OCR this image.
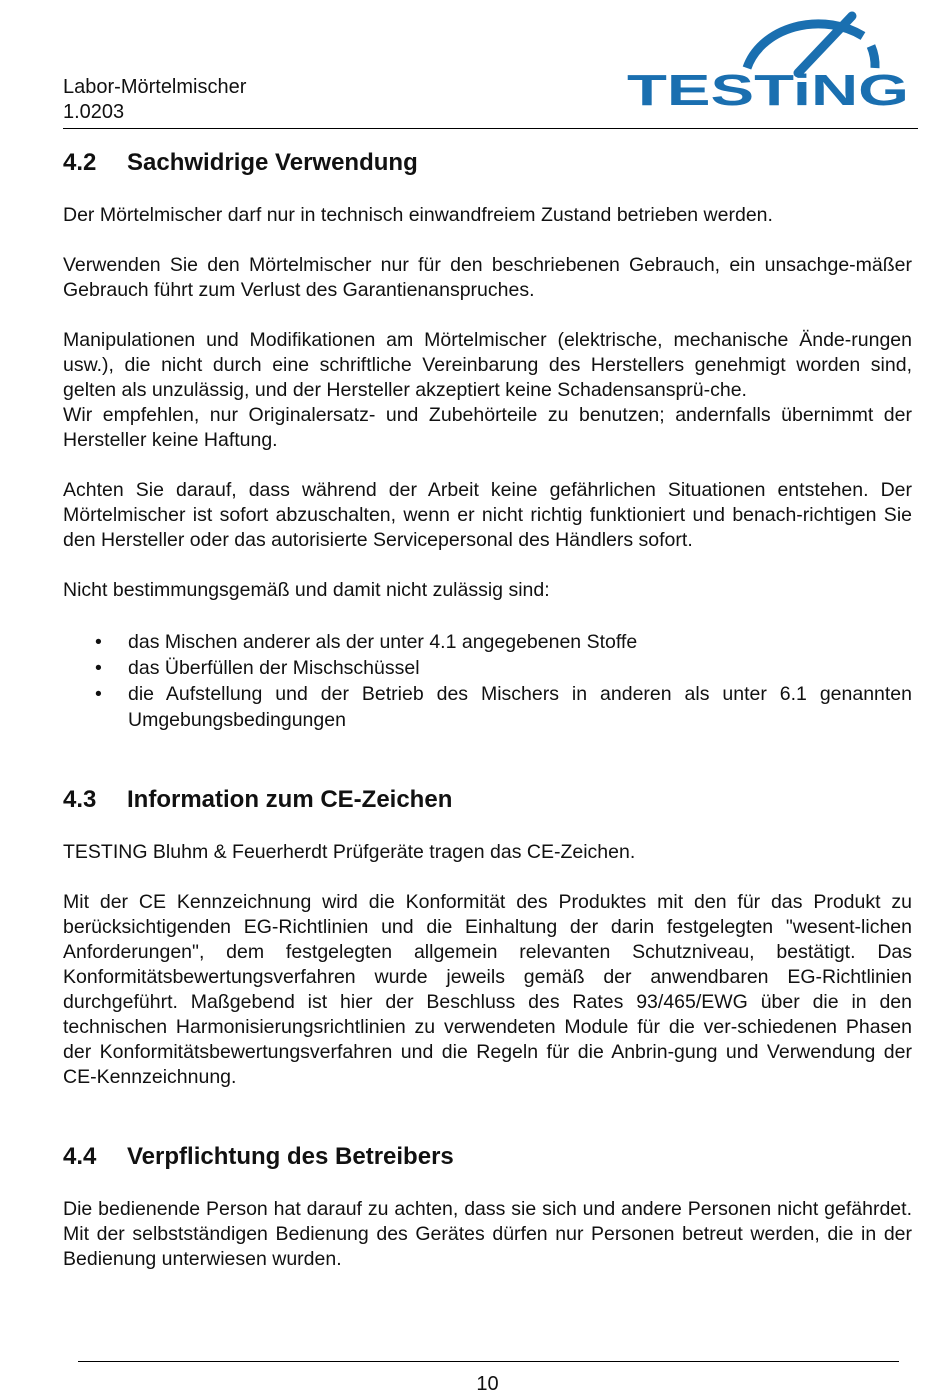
Labor-Mörtelmischer
1.0203	TESTiNG
4.2	Sachwidrige Verwendung

Der Mörtelmischer darf nur in technisch einwandfreiem Zustand betrieben werden.

Verwenden Sie den Mörtelmischer nur für den beschriebenen Gebrauch, ein unsachge-mäßer Gebrauch führt zum Verlust des Garantienanspruches.

Manipulationen und Modifikationen am Mörtelmischer (elektrische, mechanische Ände-rungen usw.), die nicht durch eine schriftliche Vereinbarung des Herstellers genehmigt worden sind, gelten als unzulässig, und der Hersteller akzeptiert keine Schadensansprü-che.

Wir empfehlen, nur Originalersatz- und Zubehörteile zu benutzen; andernfalls übernimmt der Hersteller keine Haftung.

Achten Sie darauf, dass während der Arbeit keine gefährlichen Situationen entstehen. Der Mörtelmischer ist sofort abzuschalten, wenn er nicht richtig funktioniert und benach-richtigen Sie den Hersteller oder das autorisierte Servicepersonal des Händlers sofort.

Nicht bestimmungsgemäß und damit nicht zulässig sind:

• das Mischen anderer als der unter 4.1 angegebenen Stoffe
• das Überfüllen der Mischschüssel
• die Aufstellung und der Betrieb des Mischers in anderen als unter 6.1 genannten Umgebungsbedingungen
4.3	Information zum CE-Zeichen

TESTING Bluhm & Feuerherdt Prüfgeräte tragen das CE-Zeichen.

Mit der CE Kennzeichnung wird die Konformität des Produktes mit den für das Produkt zu berücksichtigenden EG-Richtlinien und die Einhaltung der darin festgelegten "wesent-lichen Anforderungen", dem festgelegten allgemein relevanten Schutzniveau, bestätigt. Das Konformitätsbewertungsverfahren wurde jeweils gemäß der anwendbaren EG-Richtlinien durchgeführt. Maßgebend ist hier der Beschluss des Rates 93/465/EWG über die in den technischen Harmonisierungsrichtlinien zu verwendeten Module für die ver-schiedenen Phasen der Konformitätsbewertungsverfahren und die Regeln für die Anbrin-gung und Verwendung der CE-Kennzeichnung.

4.4	Verpflichtung des Betreibers

Die bedienende Person hat darauf zu achten, dass sie sich und andere Personen nicht gefährdet. Mit der selbstständigen Bedienung des Gerätes dürfen nur Personen betreut werden, die in der Bedienung unterwiesen wurden.

10
